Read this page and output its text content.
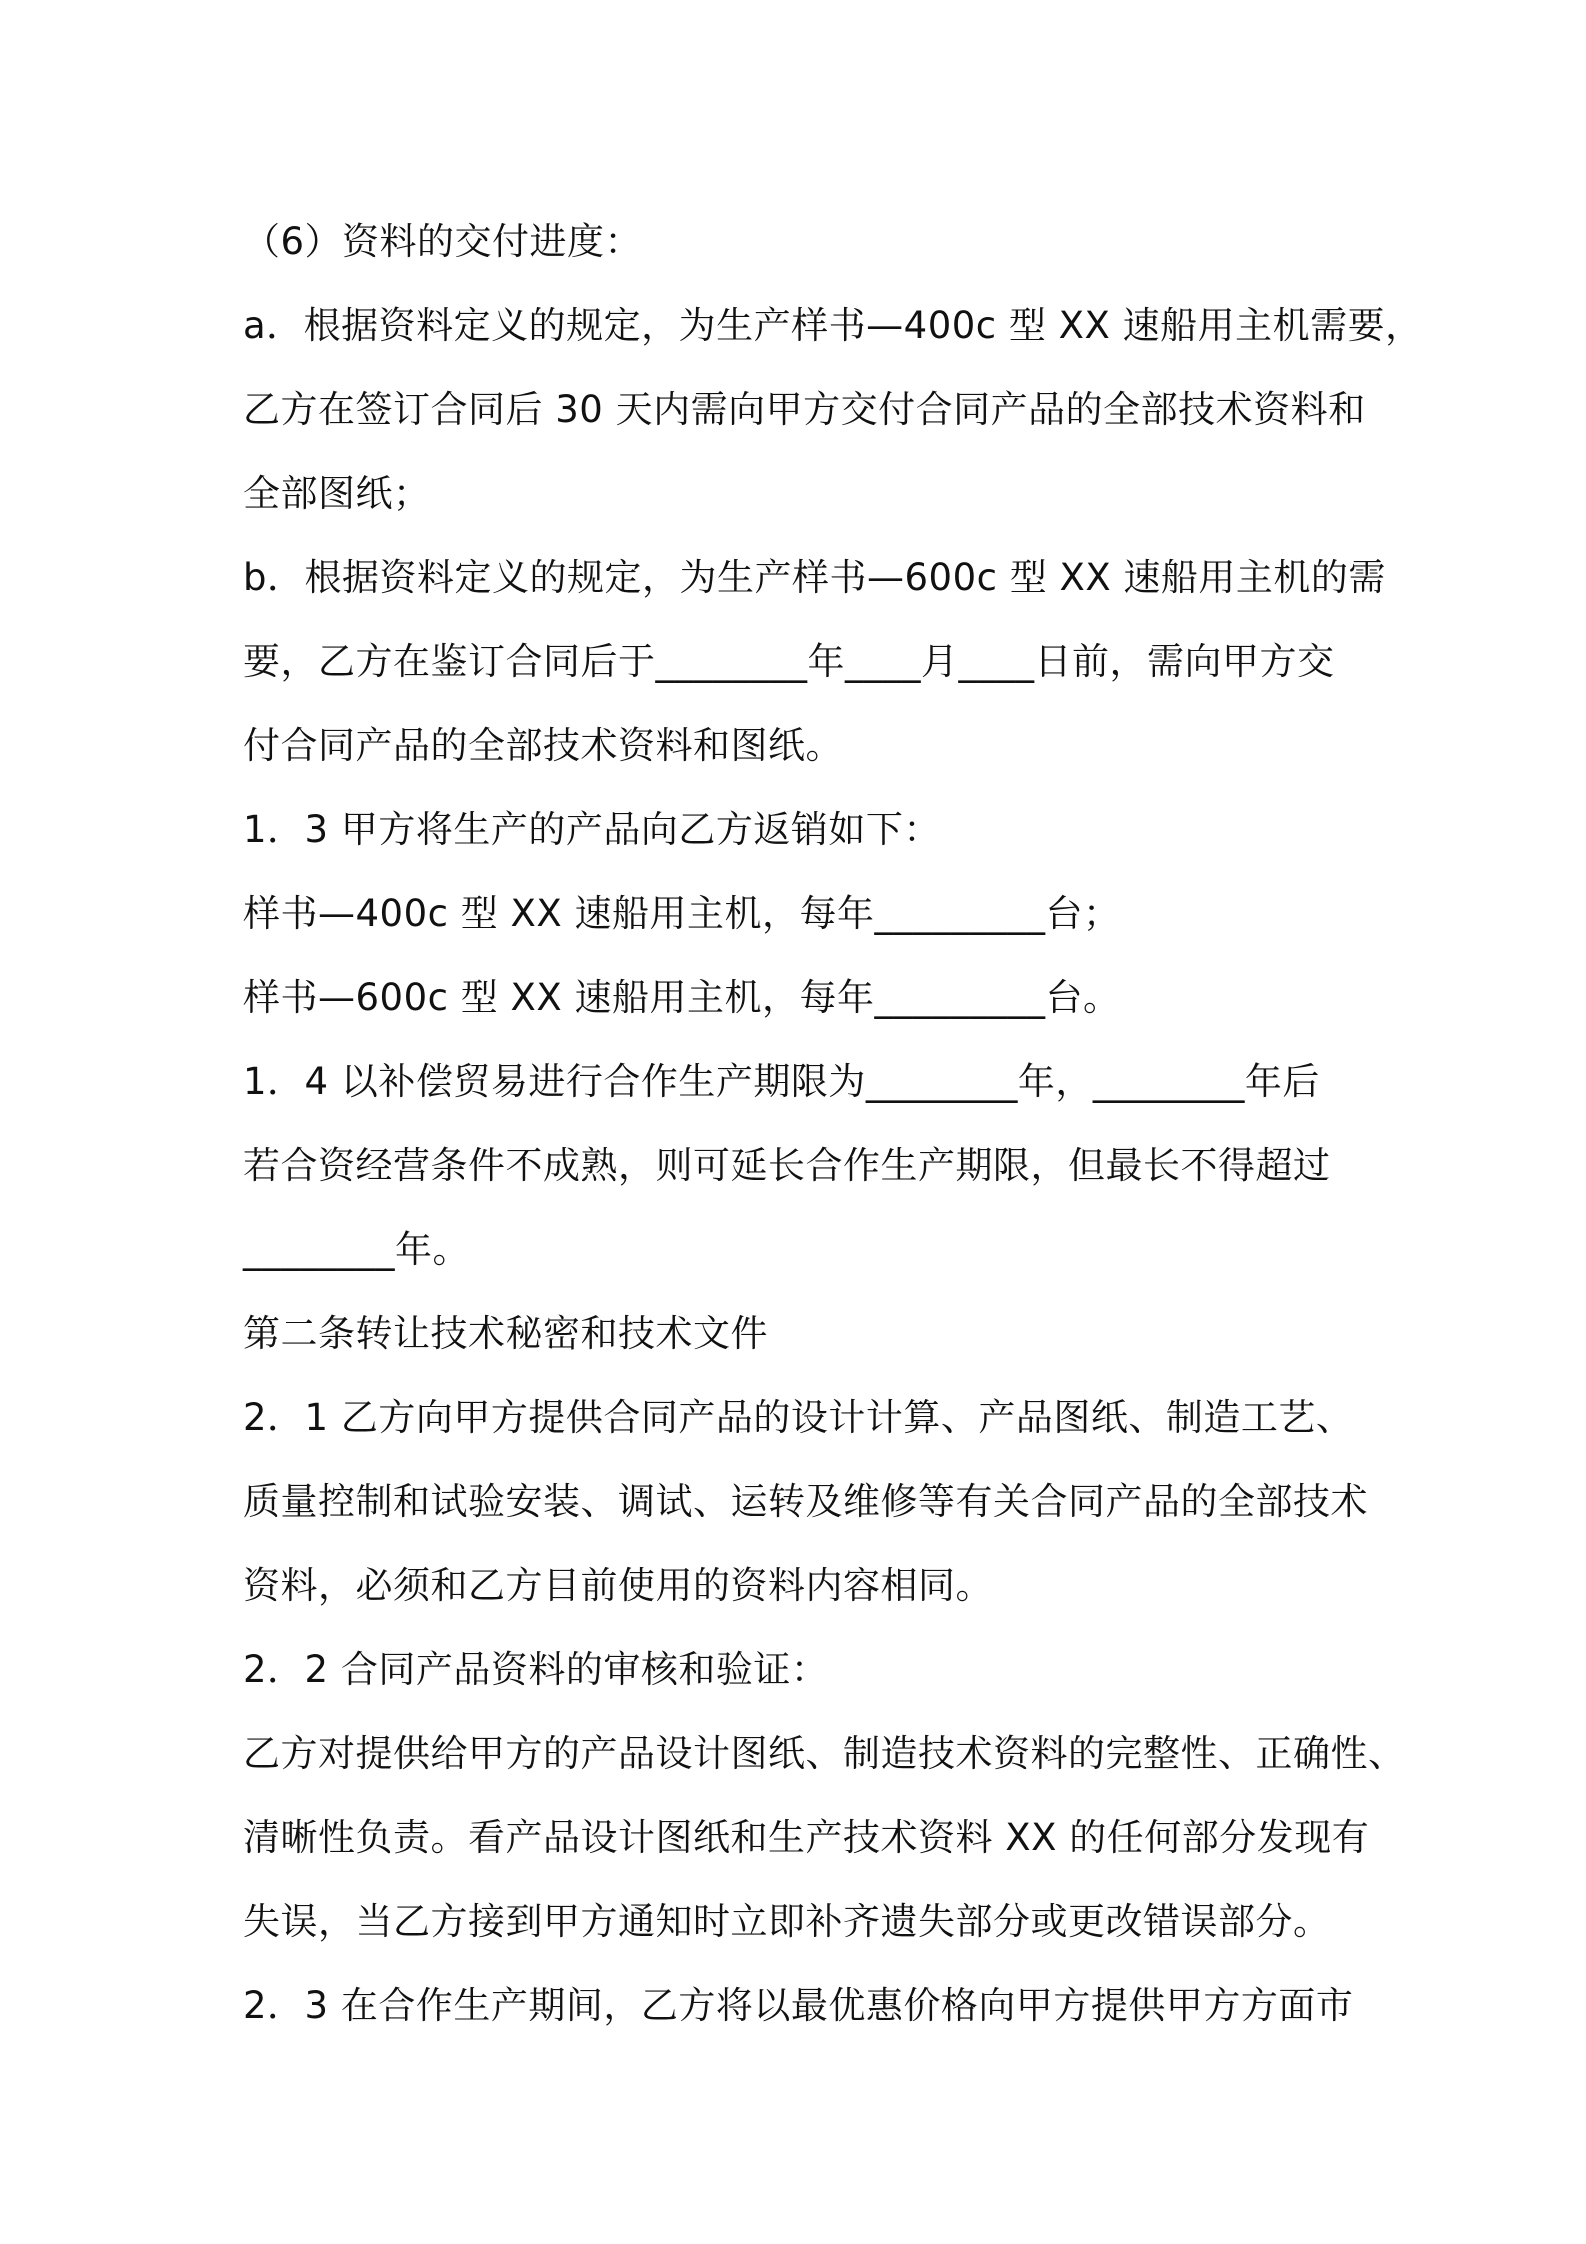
（6）资料的交付进度：
a．根据资料定义的规定，为生产样书—400c 型 XX 速船用主机需要，
乙方在签订合同后 30 天内需向甲方交付合同产品的全部技术资料和
全部图纸；
b．根据资料定义的规定，为生产样书—600c 型 XX 速船用主机的需
要，乙方在鉴订合同后于________年____月____日前，需向甲方交
付合同产品的全部技术资料和图纸。
1．3 甲方将生产的产品向乙方返销如下：
样书—400c 型 XX 速船用主机，每年_________台；
样书—600c 型 XX 速船用主机，每年_________台。
1．4 以补偿贸易进行合作生产期限为________年，________年后
若合资经营条件不成熟，则可延长合作生产期限，但最长不得超过
________年。
第二条转让技术秘密和技术文件
2．1 乙方向甲方提供合同产品的设计计算、产品图纸、制造工艺、
质量控制和试验安装、调试、运转及维修等有关合同产品的全部技术
资料，必须和乙方目前使用的资料内容相同。
2．2 合同产品资料的审核和验证：
乙方对提供给甲方的产品设计图纸、制造技术资料的完整性、正确性、
清晰性负责。看产品设计图纸和生产技术资料 XX 的任何部分发现有
失误，当乙方接到甲方通知时立即补齐遗失部分或更改错误部分。
2．3 在合作生产期间，乙方将以最优惠价格向甲方提供甲方方面市
